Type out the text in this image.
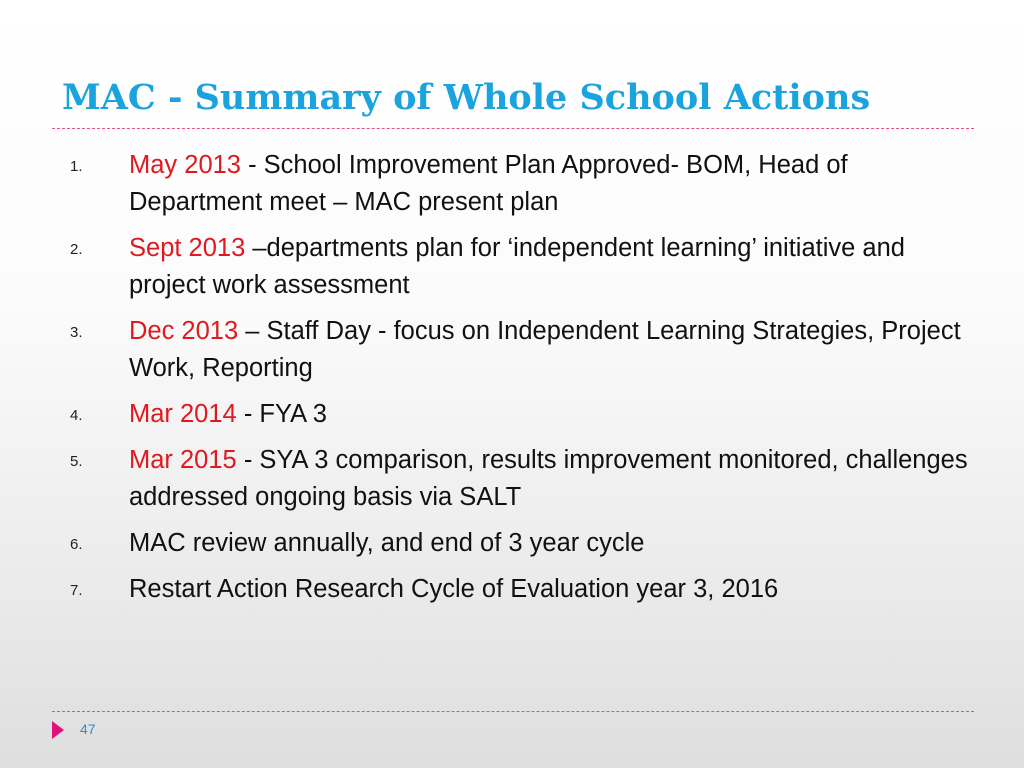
MAC - Summary of Whole School Actions
1. May 2013 - School Improvement Plan Approved- BOM, Head of Department meet – MAC present plan
2. Sept 2013 –departments plan for ‘independent learning’ initiative and project work assessment
3. Dec 2013 – Staff Day - focus on Independent Learning Strategies, Project Work, Reporting
4. Mar 2014 - FYA 3
5. Mar 2015 - SYA 3 comparison, results improvement monitored, challenges addressed ongoing basis via SALT
6. MAC review annually, and end of 3 year cycle
7. Restart Action Research Cycle of Evaluation year 3, 2016
47
